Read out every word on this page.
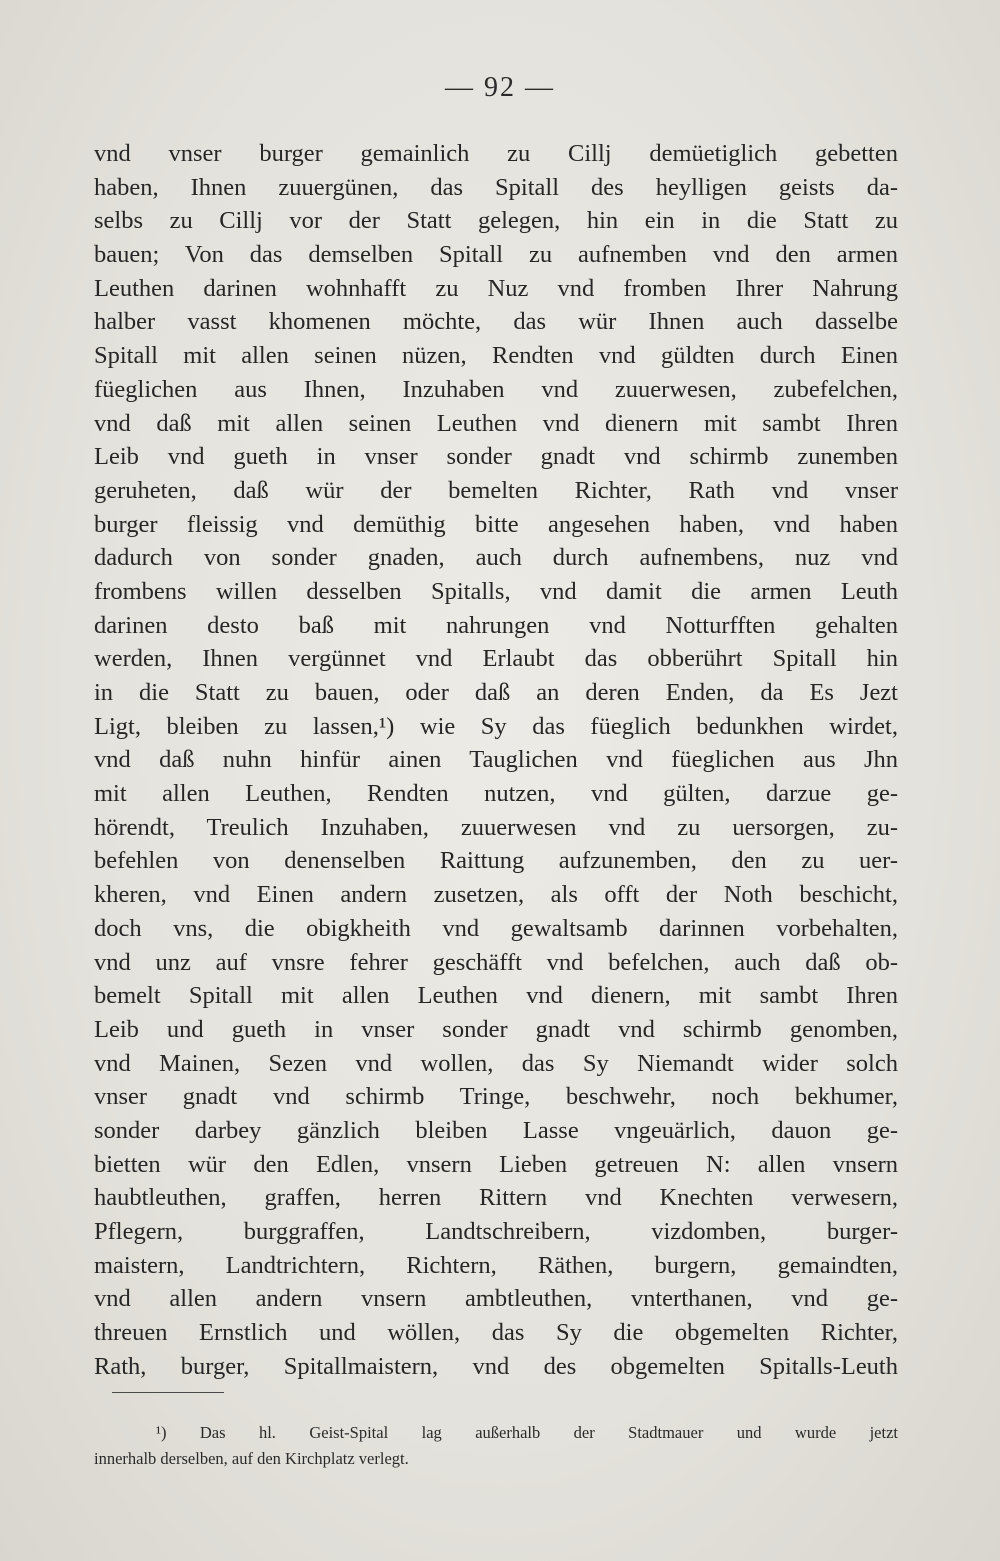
— 92 —
vnd vnser burger gemainlich zu Cillj demüetiglich gebetten
haben, Ihnen zuuergünen, das Spitall des heylligen geists da-
selbs zu Cillj vor der Statt gelegen, hin ein in die Statt zu
bauen; Von das demselben Spitall zu aufnemben vnd den armen
Leuthen darinen wohnhafft zu Nuz vnd fromben Ihrer Nahrung
halber vasst khomenen möchte, das wür Ihnen auch dasselbe
Spitall mit allen seinen nüzen, Rendten vnd güldten durch Einen
füeglichen aus Ihnen, Inzuhaben vnd zuuerwesen, zubefelchen,
vnd daß mit allen seinen Leuthen vnd dienern mit sambt Ihren
Leib vnd gueth in vnser sonder gnadt vnd schirmb zunemben
geruheten, daß wür der bemelten Richter, Rath vnd vnser
burger fleissig vnd demüthig bitte angesehen haben, vnd haben
dadurch von sonder gnaden, auch durch aufnembens, nuz vnd
frombens willen desselben Spitalls, vnd damit die armen Leuth
darinen desto baß mit nahrungen vnd Notturfften gehalten
werden, Ihnen vergünnet vnd Erlaubt das obberührt Spitall hin
in die Statt zu bauen, oder daß an deren Enden, da Es Jezt
Ligt, bleiben zu lassen,¹) wie Sy das füeglich bedunkhen wirdet,
vnd daß nuhn hinfür ainen Tauglichen vnd füeglichen aus Jhn
mit allen Leuthen, Rendten nutzen, vnd gülten, darzue ge-
hörendt, Treulich Inzuhaben, zuuerwesen vnd zu uersorgen, zu-
befehlen von denenselben Raittung aufzunemben, den zu uer-
kheren, vnd Einen andern zusetzen, als offt der Noth beschicht,
doch vns, die obigkheith vnd gewaltsamb darinnen vorbehalten,
vnd unz auf vnsre fehrer geschäfft vnd befelchen, auch daß ob-
bemelt Spitall mit allen Leuthen vnd dienern, mit sambt Ihren
Leib und gueth in vnser sonder gnadt vnd schirmb genomben,
vnd Mainen, Sezen vnd wollen, das Sy Niemandt wider solch
vnser gnadt vnd schirmb Tringe, beschwehr, noch bekhumer,
sonder darbey gänzlich bleiben Lasse vngeuärlich, dauon ge-
bietten wür den Edlen, vnsern Lieben getreuen N: allen vnsern
haubtleuthen, graffen, herren Rittern vnd Knechten verwesern,
Pflegern, burggraffen, Landtschreibern, vizdomben, burger-
maistern, Landtrichtern, Richtern, Räthen, burgern, gemaindten,
vnd allen andern vnsern ambtleuthen, vnterthanen, vnd ge-
threuen Ernstlich und wöllen, das Sy die obgemelten Richter,
Rath, burger, Spitallmaistern, vnd des obgemelten Spitalls-Leuth
¹) Das hl. Geist-Spital lag außerhalb der Stadtmauer und wurde jetzt
innerhalb derselben, auf den Kirchplatz verlegt.
